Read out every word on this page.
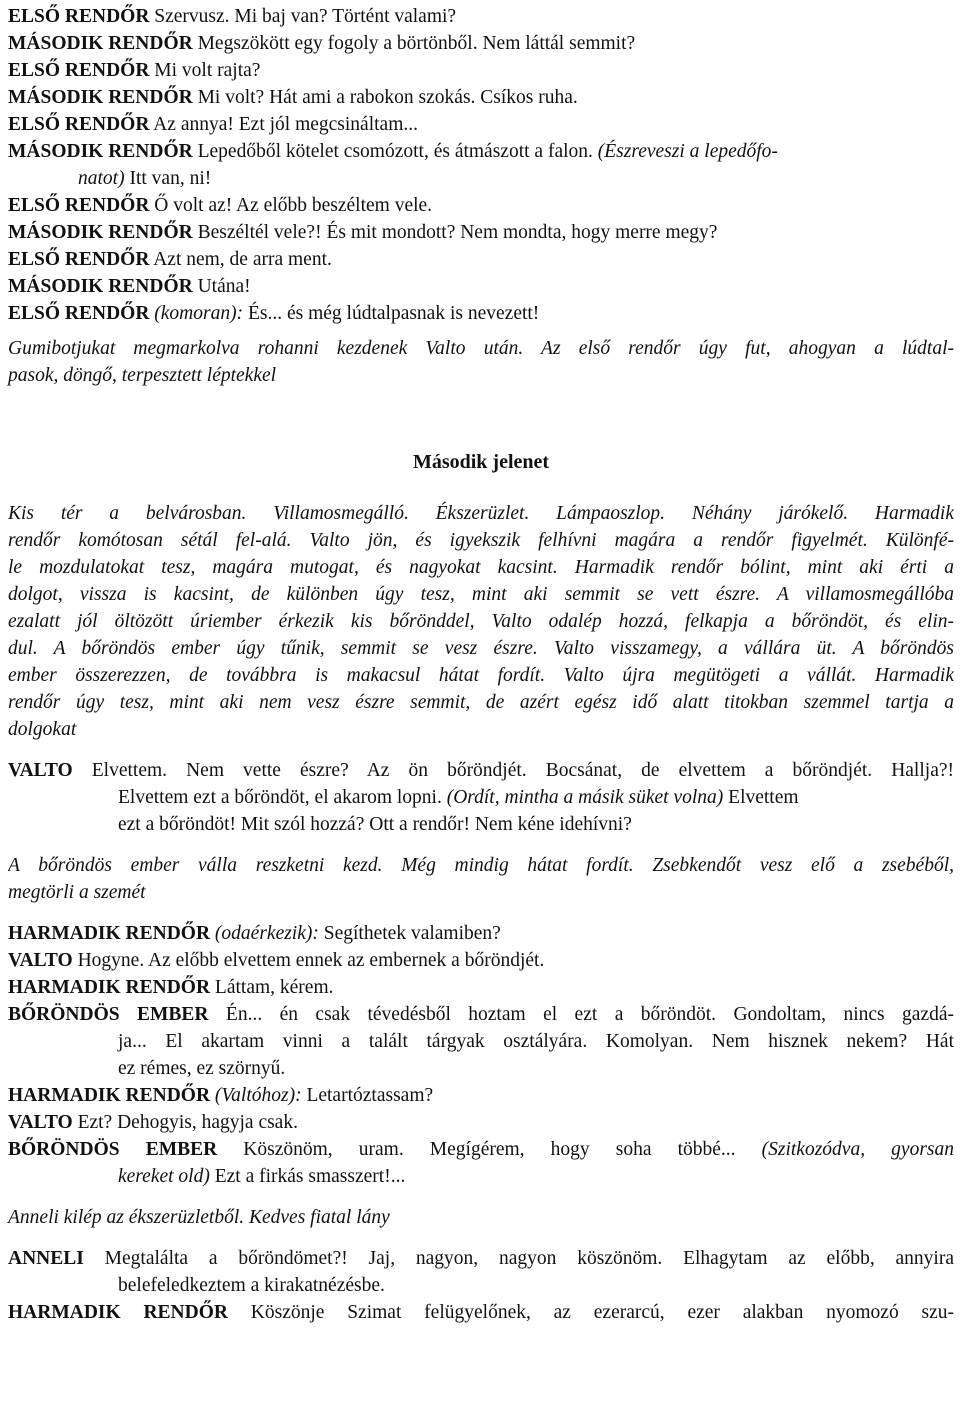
ELSŐ RENDŐR Szervusz. Mi baj van? Történt valami?
MÁSODIK RENDŐR Megszökött egy fogoly a börtönből. Nem láttál semmit?
ELSŐ RENDŐR Mi volt rajta?
MÁSODIK RENDŐR Mi volt? Hát ami a rabokon szokás. Csíkos ruha.
ELSŐ RENDŐR Az annya! Ezt jól megcsináltam...
MÁSODIK RENDŐR Lepedőből kötelet csomózott, és átmászott a falon. (Észreveszi a lepedőfo-
natot) Itt van, ni!
ELSŐ RENDŐR Ő volt az! Az előbb beszéltem vele.
MÁSODIK RENDŐR Beszéltél vele?! És mit mondott? Nem mondta, hogy merre megy?
ELSŐ RENDŐR Azt nem, de arra ment.
MÁSODIK RENDŐR Utána!
ELSŐ RENDŐR (komoran): És... és még lúdtalpasnak is nevezett!
Gumibotjukat megmarkolva rohanni kezdenek Valto után. Az első rendőr úgy fut, ahogyan a lúdtal-
pasok, döngő, terpesztett léptekkel
Második jelenet
Kis tér a belvárosban. Villamosmegálló. Ékszerüzlet. Lámpaoszlop. Néhány járókelő. Harmadik
rendőr komótosan sétál fel-alá. Valto jön, és igyekszik felhívni magára a rendőr figyelmét. Különfé-
le mozdulatokat tesz, magára mutogat, és nagyokat kacsint. Harmadik rendőr bólint, mint aki érti a
dolgot, vissza is kacsint, de különben úgy tesz, mint aki semmit se vett észre. A villamosmegállóba
ezalatt jól öltözött úriember érkezik kis bőrönddel, Valto odalép hozzá, felkapja a bőröndöt, és elin-
dul. A bőröndös ember úgy tűnik, semmit se vesz észre. Valto visszamegy, a vállára üt. A bőröndös
ember összerezzen, de továbbra is makacsul hátat fordít. Valto újra megütögeti a vállát. Harmadik
rendőr úgy tesz, mint aki nem vesz észre semmit, de azért egész idő alatt titokban szemmel tartja a
dolgokat
VALTO Elvettem. Nem vette észre? Az ön bőröndjét. Bocsánat, de elvettem a bőröndjét. Hallja?!
Elvettem ezt a bőröndöt, el akarom lopni. (Ordít, mintha a másik süket volna) Elvettem
ezt a bőröndöt! Mit szól hozzá? Ott a rendőr! Nem kéne idehívni?
A bőröndös ember válla reszketni kezd. Még mindig hátat fordít. Zsebkendőt vesz elő a zsebéből,
megtörli a szemét
HARMADIK RENDŐR (odaérkezik): Segíthetek valamiben?
VALTO Hogyne. Az előbb elvettem ennek az embernek a bőröndjét.
HARMADIK RENDŐR Láttam, kérem.
BŐRÖNDÖS EMBER Én... én csak tévedésből hoztam el ezt a bőröndöt. Gondoltam, nincs gazdá-
ja... El akartam vinni a talált tárgyak osztályára. Komolyan. Nem hisznek nekem? Hát
ez rémes, ez szörnyű.
HARMADIK RENDŐR (Valtóhoz): Letartóztassam?
VALTO Ezt? Dehogyis, hagyja csak.
BŐRÖNDÖS EMBER Köszönöm, uram. Megígérem, hogy soha többé... (Szitkozódva, gyorsan
kereket old) Ezt a firkás smasszert!...
Anneli kilép az ékszerüzletből. Kedves fiatal lány
ANNELI Megtalálta a bőröndömet?! Jaj, nagyon, nagyon köszönöm. Elhagytam az előbb, annyira
belefeledkeztem a kirakatnézésbe.
HARMADIK RENDŐR Köszönje Szimat felügyelőnek, az ezerarcú, ezer alakban nyomozó szu-
